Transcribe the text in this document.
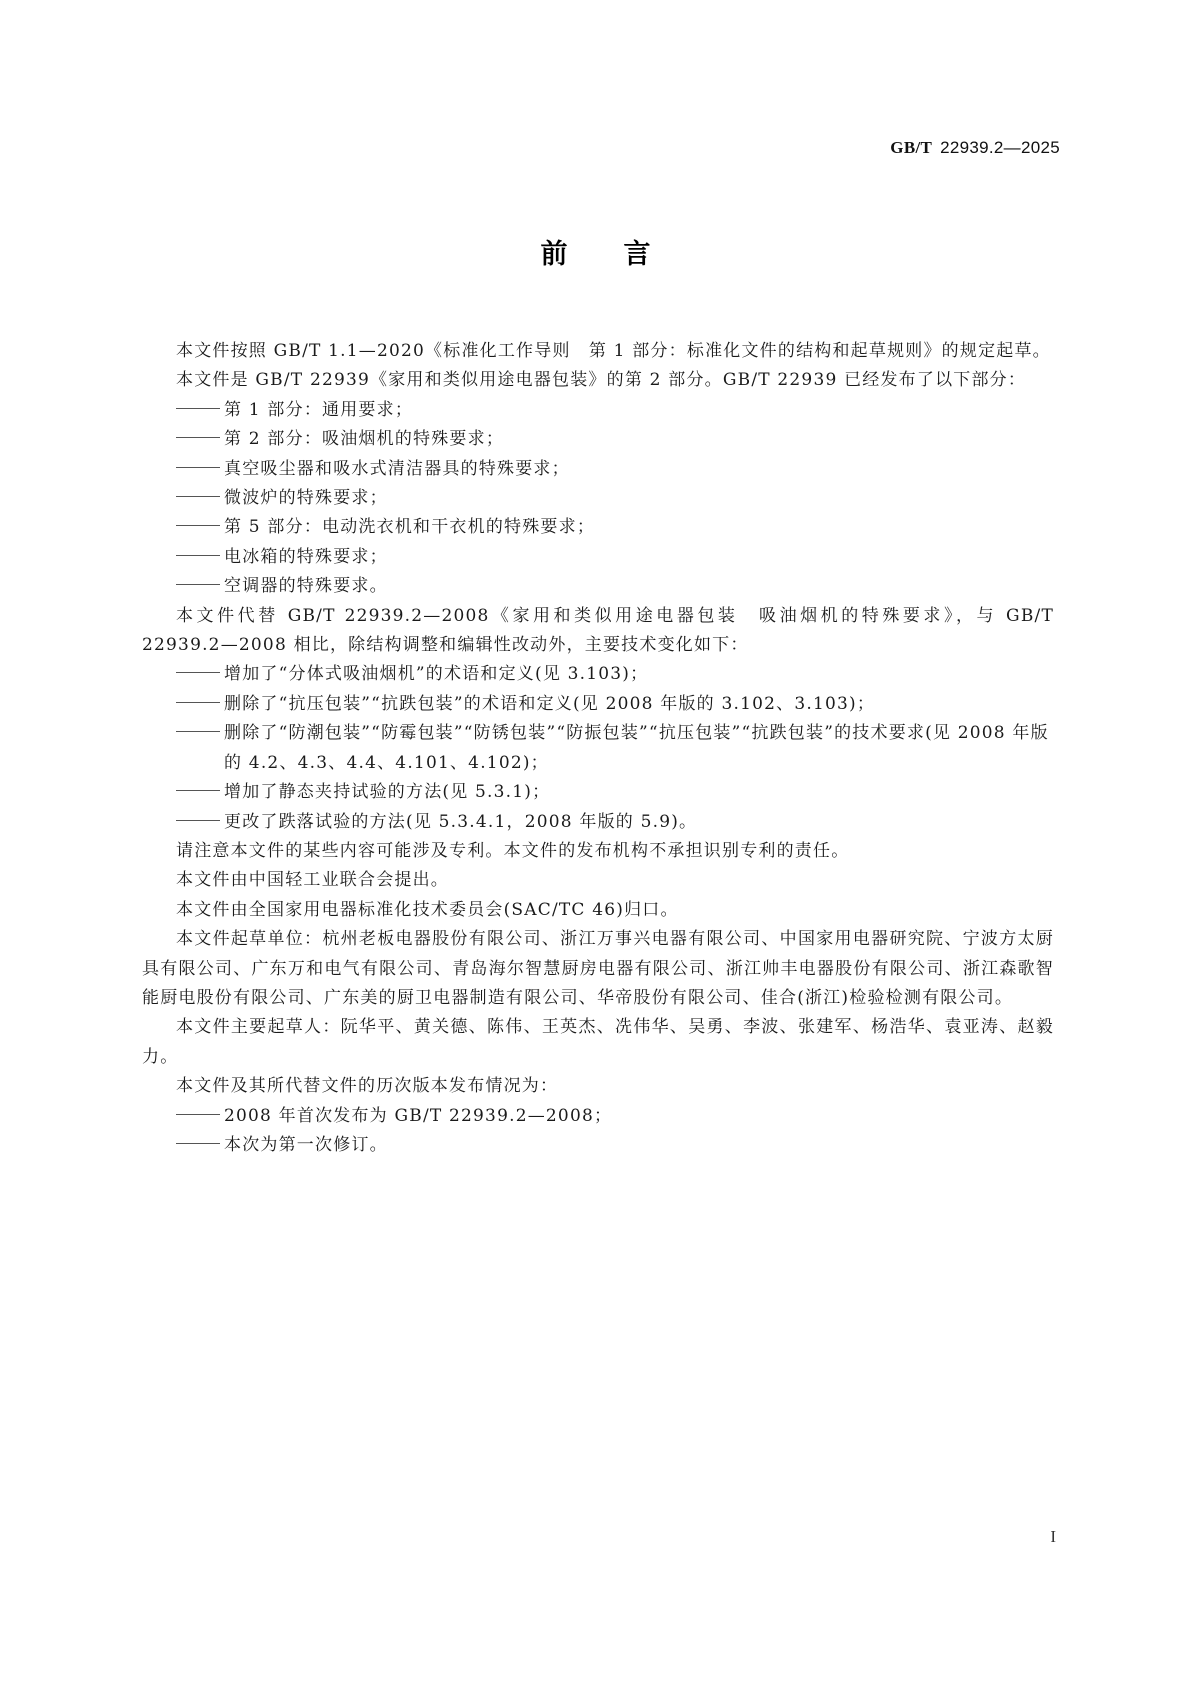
GB/T 22939.2—2025
前言

本文件按照 GB/T 1.1—2020《标准化工作导则　第 1 部分：标准化文件的结构和起草规则》的规定起草。

本文件是 GB/T 22939《家用和类似用途电器包装》的第 2 部分。GB/T 22939 已经发布了以下部分：

第 1 部分：通用要求；

第 2 部分：吸油烟机的特殊要求；

真空吸尘器和吸水式清洁器具的特殊要求；

微波炉的特殊要求；

第 5 部分：电动洗衣机和干衣机的特殊要求；

电冰箱的特殊要求；

空调器的特殊要求。

本文件代替 GB/T 22939.2—2008《家用和类似用途电器包装　吸油烟机的特殊要求》，与 GB/T 22939.2—2008 相比，除结构调整和编辑性改动外，主要技术变化如下：

增加了“分体式吸油烟机”的术语和定义(见 3.103)；

删除了“抗压包装”“抗跌包装”的术语和定义(见 2008 年版的 3.102、3.103)；

删除了“防潮包装”“防霉包装”“防锈包装”“防振包装”“抗压包装”“抗跌包装”的技术要求(见 2008 年版的 4.2、4.3、4.4、4.101、4.102)；

增加了静态夹持试验的方法(见 5.3.1)；

更改了跌落试验的方法(见 5.3.4.1，2008 年版的 5.9)。

请注意本文件的某些内容可能涉及专利。本文件的发布机构不承担识别专利的责任。

本文件由中国轻工业联合会提出。

本文件由全国家用电器标准化技术委员会(SAC/TC 46)归口。

本文件起草单位：杭州老板电器股份有限公司、浙江万事兴电器有限公司、中国家用电器研究院、宁波方太厨具有限公司、广东万和电气有限公司、青岛海尔智慧厨房电器有限公司、浙江帅丰电器股份有限公司、浙江森歌智能厨电股份有限公司、广东美的厨卫电器制造有限公司、华帝股份有限公司、佳合(浙江)检验检测有限公司。

本文件主要起草人：阮华平、黄关德、陈伟、王英杰、冼伟华、吴勇、李波、张建军、杨浩华、袁亚涛、赵毅力。

本文件及其所代替文件的历次版本发布情况为：

2008 年首次发布为 GB/T 22939.2—2008；

本次为第一次修订。

I
